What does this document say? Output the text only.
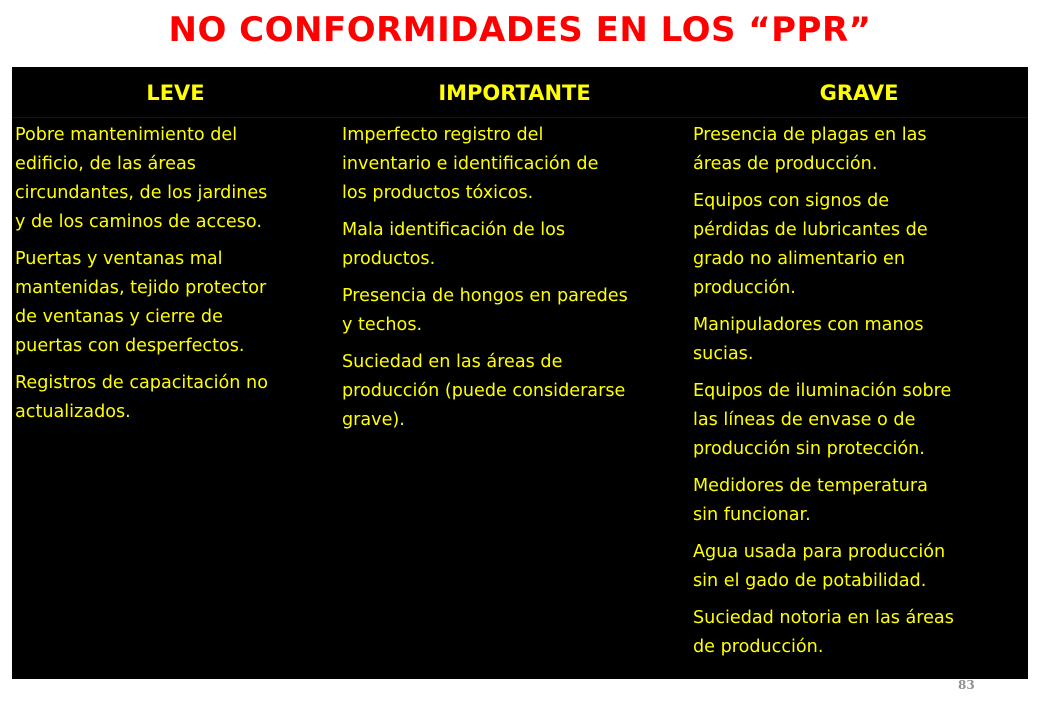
NO CONFORMIDADES EN LOS “PPR”
LEVE
Pobre mantenimiento del
edificio, de las áreas
circundantes, de los jardines
y de los caminos de acceso.
Puertas y ventanas mal
mantenidas, tejido protector
de ventanas y cierre de
puertas con desperfectos.
Registros de capacitación no
actualizados.
IMPORTANTE
Imperfecto registro del
inventario e identificación de
los productos tóxicos.
Mala identificación de los
productos.
Presencia de hongos en paredes
y techos.
Suciedad en las áreas de
producción (puede considerarse
grave).
GRAVE
Presencia de plagas en las
áreas de producción.
Equipos con signos de
pérdidas de lubricantes de
grado no alimentario en
producción.
Manipuladores con manos
sucias.
Equipos de iluminación sobre
las líneas de envase o de
producción sin protección.
Medidores de temperatura
sin funcionar.
Agua usada para producción
sin el gado de potabilidad.
Suciedad notoria en las áreas
de producción.
83
